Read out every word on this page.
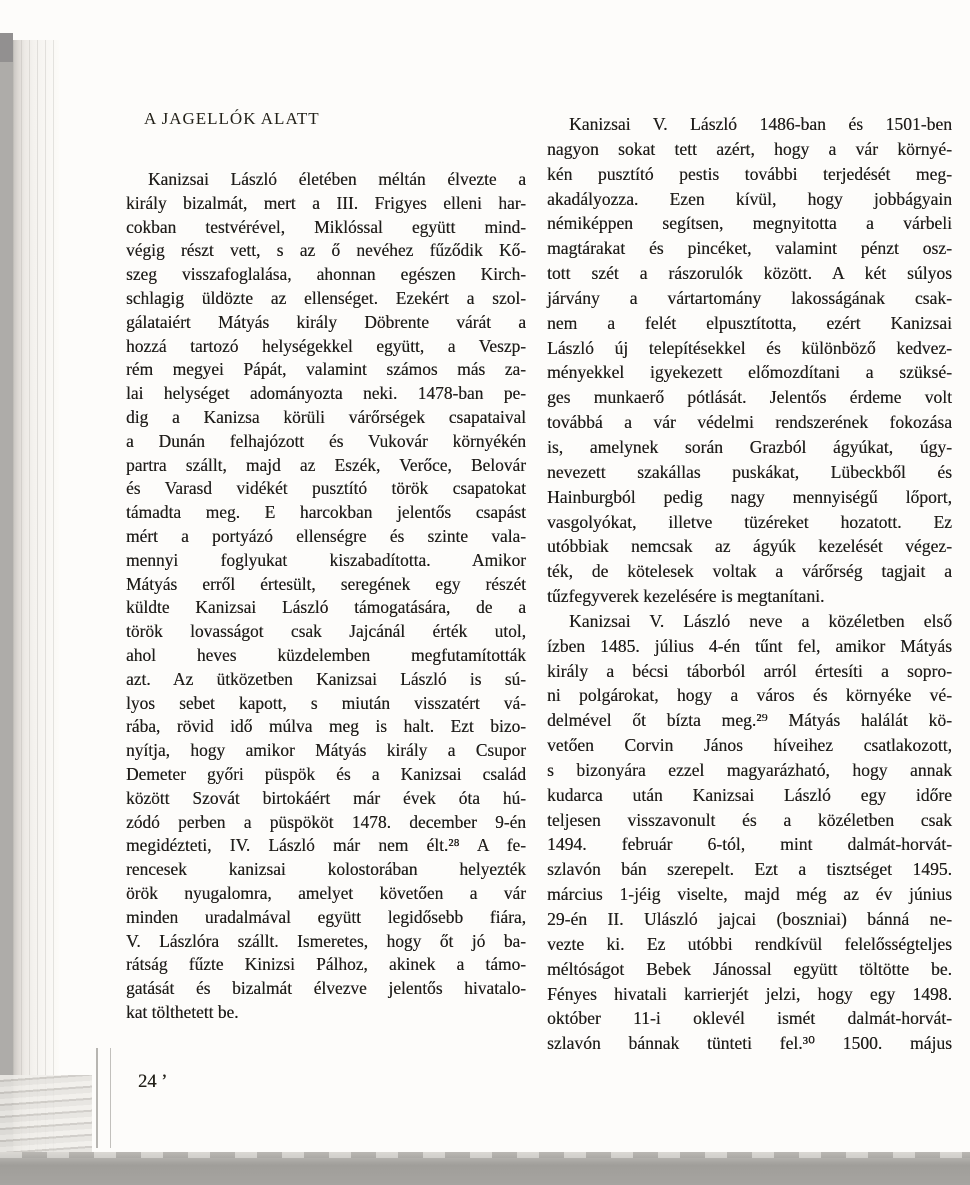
A JAGELLÓK ALATT
Kanizsai László életében méltán élvezte a
király bizalmát, mert a III. Frigyes elleni har-
cokban testvérével, Miklóssal együtt mind-
végig részt vett, s az ő nevéhez fűződik Kő-
szeg visszafoglalása, ahonnan egészen Kirch-
schlagig üldözte az ellenséget. Ezekért a szol-
gálataiért Mátyás király Döbrente várát a
hozzá tartozó helységekkel együtt, a Veszp-
rém megyei Pápát, valamint számos más za-
lai helységet adományozta neki. 1478-ban pe-
dig a Kanizsa körüli várőrségek csapataival
a Dunán felhajózott és Vukovár környékén
partra szállt, majd az Eszék, Verőce, Belovár
és Varasd vidékét pusztító török csapatokat
támadta meg. E harcokban jelentős csapást
mért a portyázó ellenségre és szinte vala-
mennyi foglyukat kiszabadította. Amikor
Mátyás erről értesült, seregének egy részét
küldte Kanizsai László támogatására, de a
török lovasságot csak Jajcánál érték utol,
ahol heves küzdelemben megfutamították
azt. Az ütközetben Kanizsai László is sú-
lyos sebet kapott, s miután visszatért vá-
rába, rövid idő múlva meg is halt. Ezt bizo-
nyítja, hogy amikor Mátyás király a Csupor
Demeter győri püspök és a Kanizsai család
között Szovát birtokáért már évek óta hú-
zódó perben a püspököt 1478. december 9-én
megidézteti, IV. László már nem élt.²⁸ A fe-
rencesek kanizsai kolostorában helyezték
örök nyugalomra, amelyet követően a vár
minden uradalmával együtt legidősebb fiára,
V. Lászlóra szállt. Ismeretes, hogy őt jó ba-
rátság fűzte Kinizsi Pálhoz, akinek a támo-
gatását és bizalmát élvezve jelentős hivatalo-
kat tölthetett be.
Kanizsai V. László 1486-ban és 1501-ben
nagyon sokat tett azért, hogy a vár környé-
kén pusztító pestis további terjedését meg-
akadályozza. Ezen kívül, hogy jobbágyain
némiképpen segítsen, megnyitotta a várbeli
magtárakat és pincéket, valamint pénzt osz-
tott szét a rászorulók között. A két súlyos
járvány a vártartomány lakosságának csak-
nem a felét elpusztította, ezért Kanizsai
László új telepítésekkel és különböző kedvez-
ményekkel igyekezett előmozdítani a szüksé-
ges munkaerő pótlását. Jelentős érdeme volt
továbbá a vár védelmi rendszerének fokozása
is, amelynek során Grazból ágyúkat, úgy-
nevezett szakállas puskákat, Lübeckből és
Hainburgból pedig nagy mennyiségű lőport,
vasgolyókat, illetve tüzéreket hozatott. Ez
utóbbiak nemcsak az ágyúk kezelését végez-
ték, de kötelesek voltak a várőrség tagjait a
tűzfegyverek kezelésére is megtanítani.
Kanizsai V. László neve a közéletben első
ízben 1485. július 4-én tűnt fel, amikor Mátyás
király a bécsi táborból arról értesíti a sopro-
ni polgárokat, hogy a város és környéke vé-
delmével őt bízta meg.²⁹ Mátyás halálát kö-
vetően Corvin János híveihez csatlakozott,
s bizonyára ezzel magyarázható, hogy annak
kudarca után Kanizsai László egy időre
teljesen visszavonult és a közéletben csak
1494. február 6-tól, mint dalmát-horvát-
szlavón bán szerepelt. Ezt a tisztséget 1495.
március 1-jéig viselte, majd még az év június
29-én II. Ulászló jajcai (boszniai) bánná ne-
vezte ki. Ez utóbbi rendkívül felelősségteljes
méltóságot Bebek Jánossal együtt töltötte be.
Fényes hivatali karrierjét jelzi, hogy egy 1498.
október 11-i oklevél ismét dalmát-horvát-
szlavón bánnak tünteti fel.³⁰ 1500. május
24 ’
